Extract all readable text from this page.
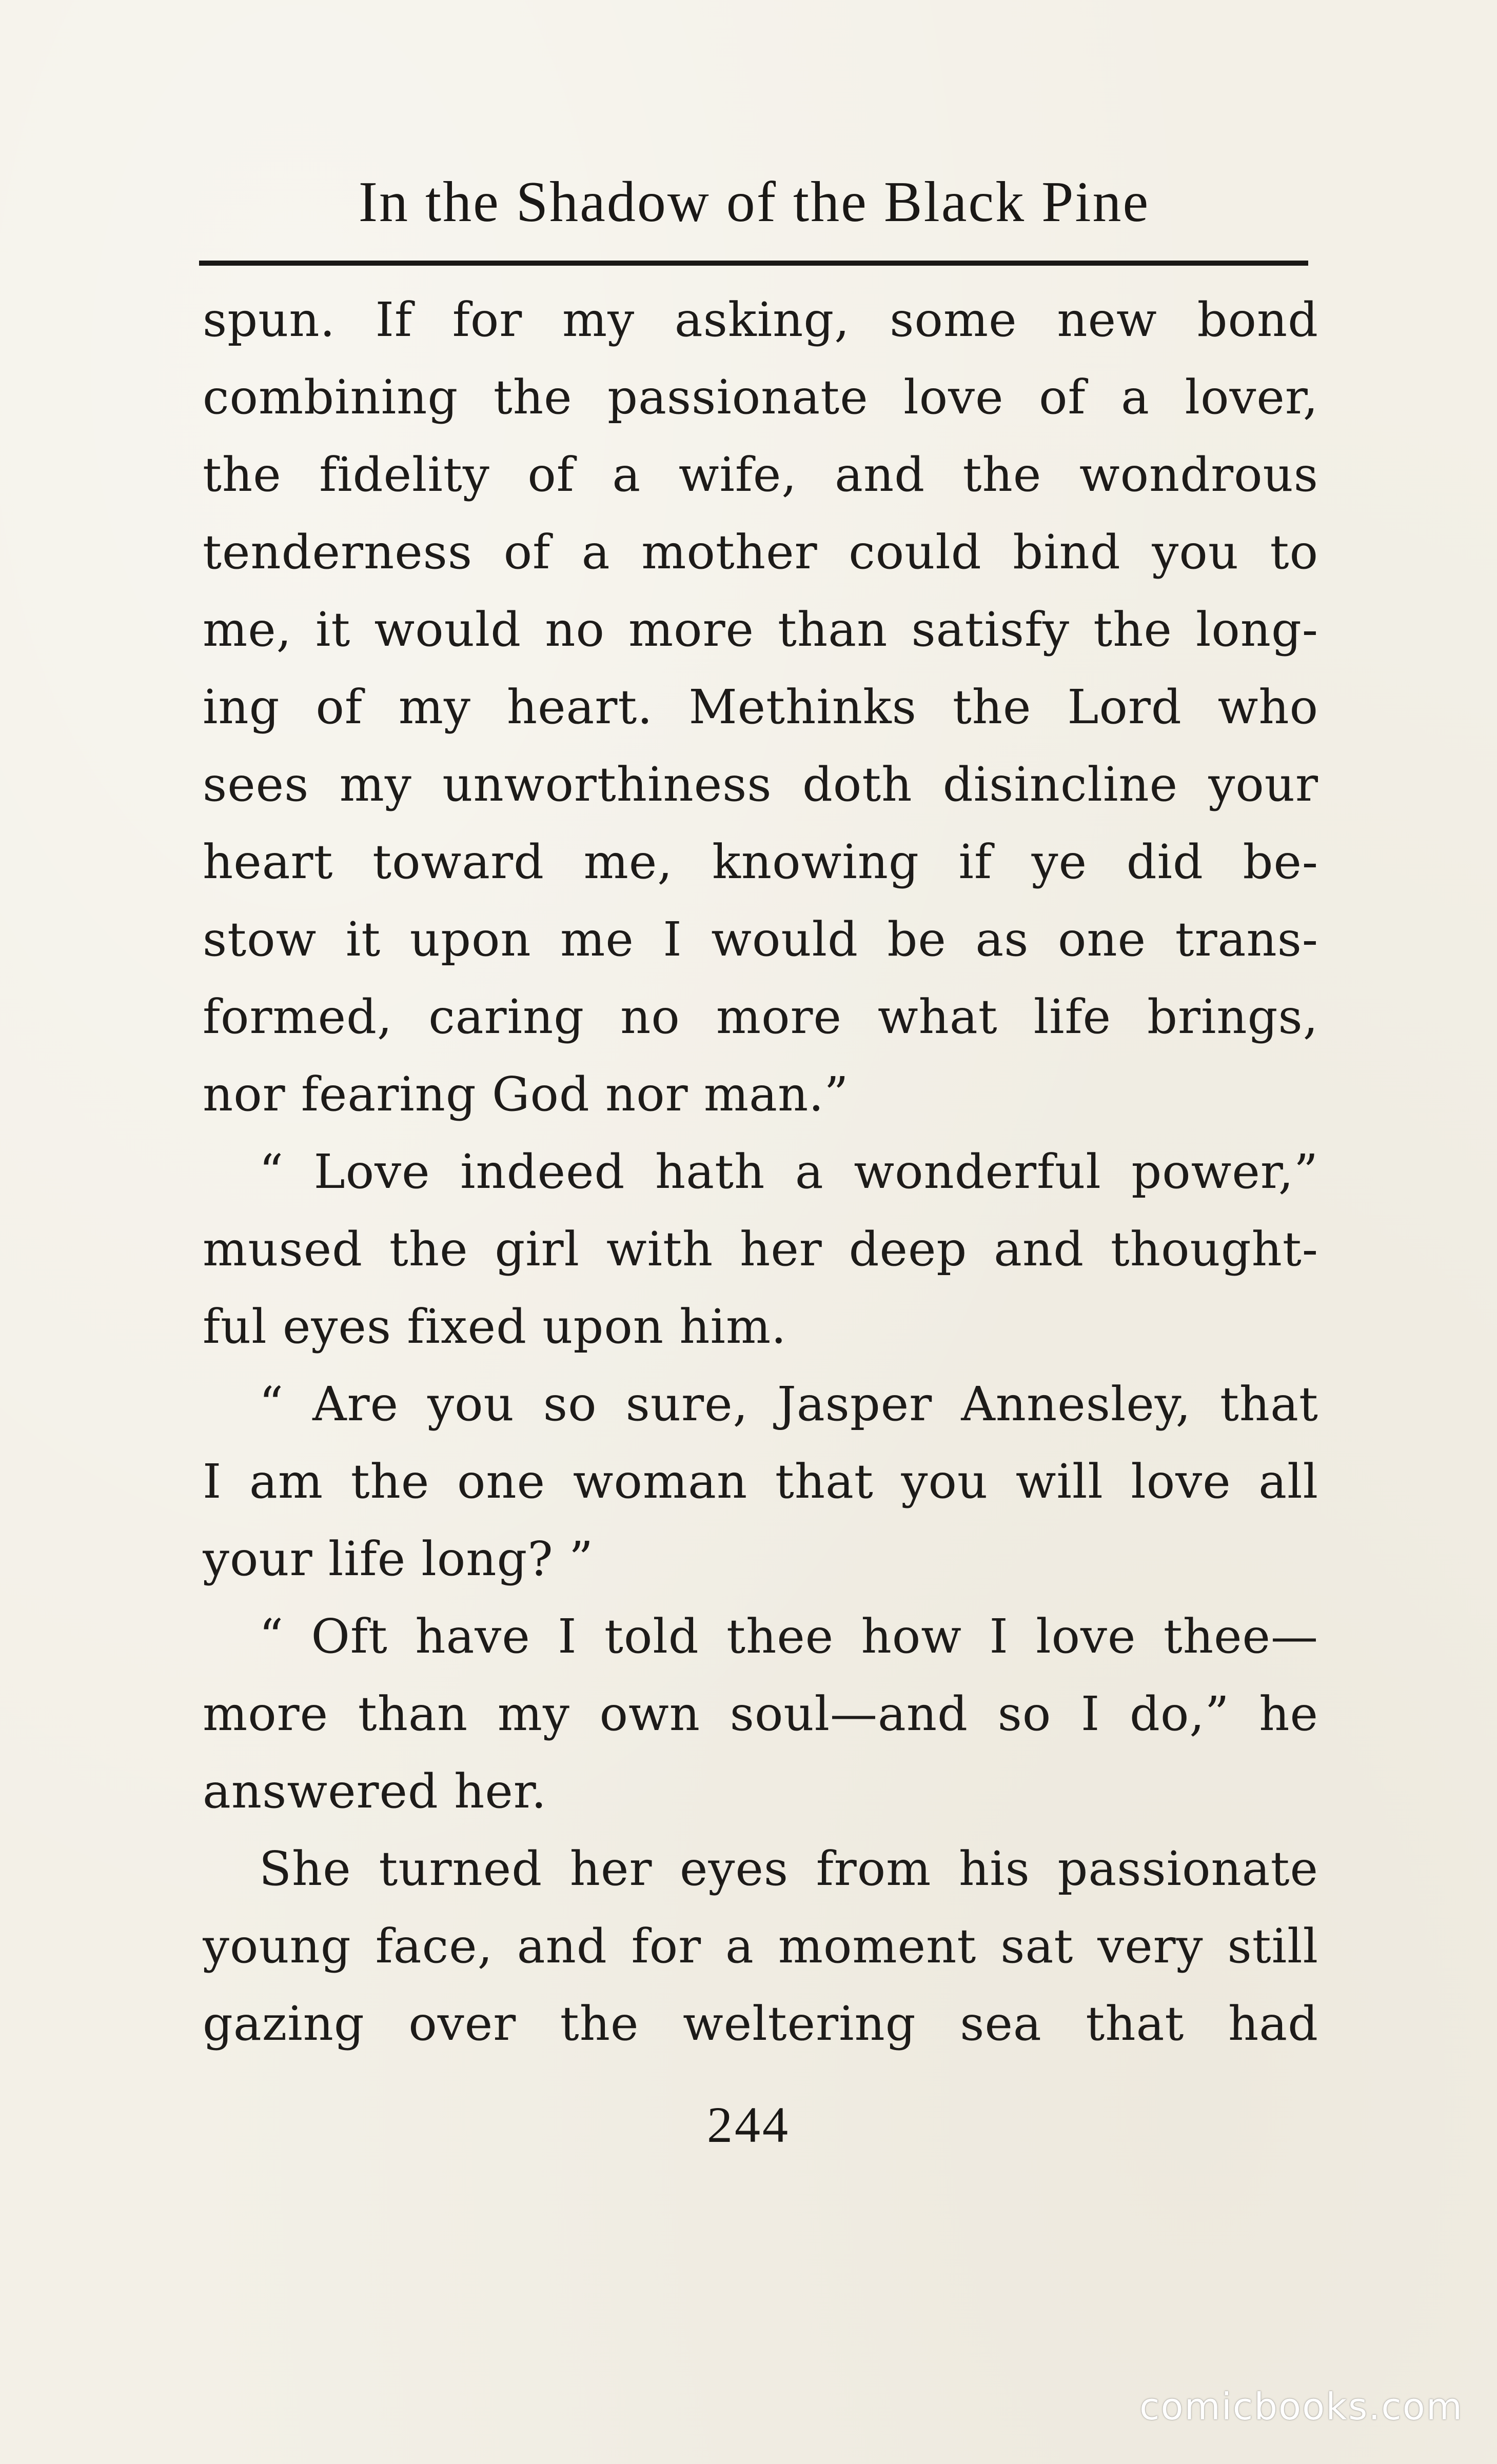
In the Shadow of the Black Pine
spun. If for my asking, some new bond
combining the passionate love of a lover,
the fidelity of a wife, and the wondrous
tenderness of a mother could bind you to
me, it would no more than satisfy the long-
ing of my heart. Methinks the Lord who
sees my unworthiness doth disincline your
heart toward me, knowing if ye did be-
stow it upon me I would be as one trans-
formed, caring no more what life brings,
nor fearing God nor man.”
“ Love indeed hath a wonderful power,”
mused the girl with her deep and thought-
ful eyes fixed upon him.
“ Are you so sure, Jasper Annesley, that
I am the one woman that you will love all
your life long? ”
“ Oft have I told thee how I love thee—
more than my own soul—and so I do,” he
answered her.
She turned her eyes from his passionate
young face, and for a moment sat very still
gazing over the weltering sea that had
244
comicbooks.com
